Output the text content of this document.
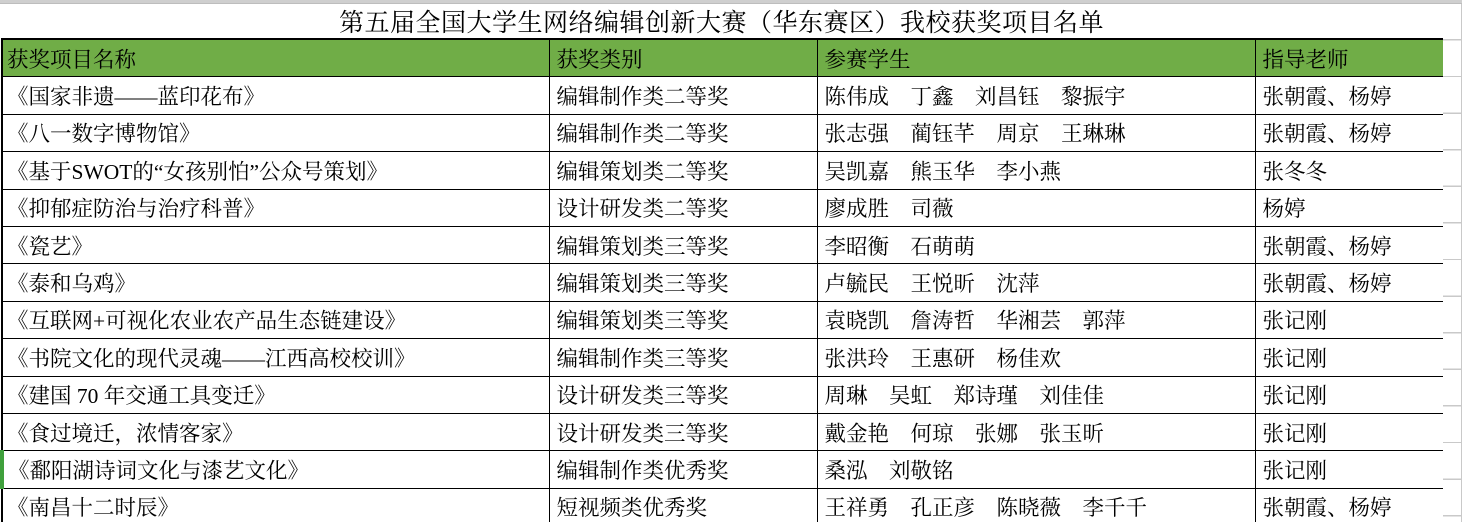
第五届全国大学生网络编辑创新大赛（华东赛区）我校获奖项目名单
获奖项目名称	获奖类别	参赛学生	指导老师
《国家非遗——蓝印花布》	编辑制作类二等奖	陈伟成　丁鑫　刘昌钰　黎振宇	张朝霞、杨婷
《八一数字博物馆》	编辑制作类二等奖	张志强　蔺钰芊　周京　王琳琳	张朝霞、杨婷
《基于SWOT的“女孩别怕”公众号策划》	编辑策划类二等奖	吴凯嘉　熊玉华　李小燕	张冬冬
《抑郁症防治与治疗科普》	设计研发类二等奖	廖成胜　司薇	杨婷
《瓷艺》	编辑策划类三等奖	李昭衡　石萌萌	张朝霞、杨婷
《泰和乌鸡》	编辑策划类三等奖	卢毓民　王悦昕　沈萍	张朝霞、杨婷
《互联网+可视化农业农产品生态链建设》	编辑策划类三等奖	袁晓凯　詹涛哲　华湘芸　郭萍	张记刚
《书院文化的现代灵魂——江西高校校训》	编辑制作类三等奖	张洪玲　王惠研　杨佳欢	张记刚
《建国 70 年交通工具变迁》	设计研发类三等奖	周琳　吴虹　郑诗瑾　刘佳佳	张记刚
《食过境迁，浓情客家》	设计研发类三等奖	戴金艳　何琼　张娜　张玉昕	张记刚
《鄱阳湖诗词文化与漆艺文化》	编辑制作类优秀奖	桑泓　刘敬铭	张记刚
《南昌十二时辰》	短视频类优秀奖	王祥勇　孔正彦　陈晓薇　李千千	张朝霞、杨婷
